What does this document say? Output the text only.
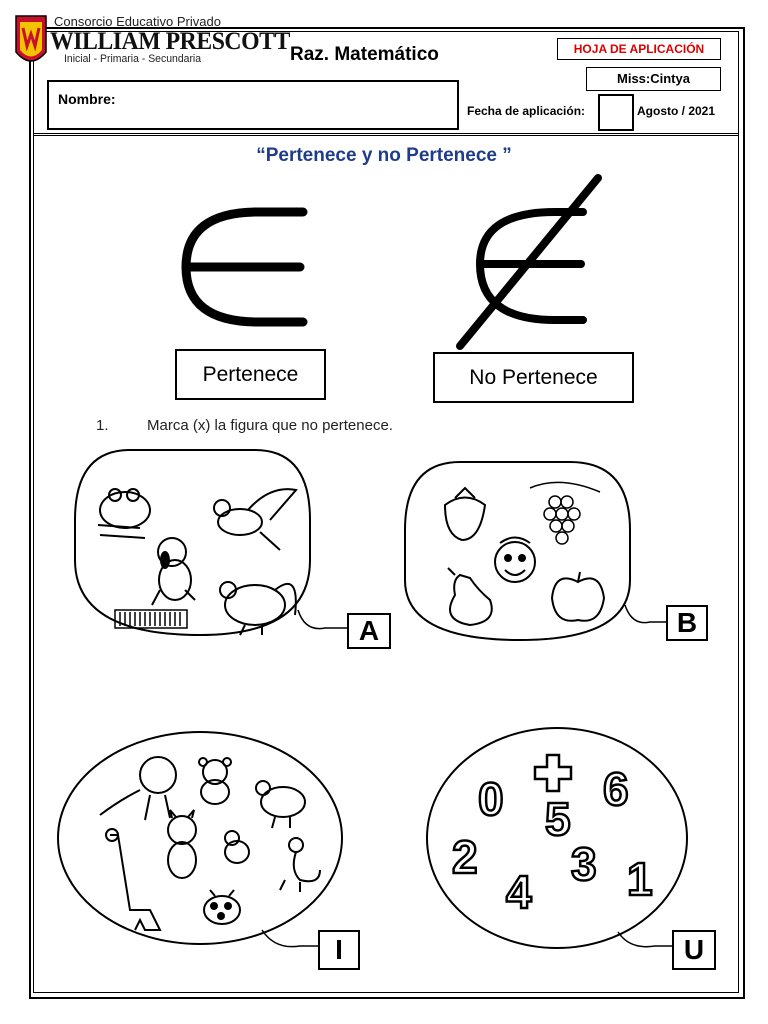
Consorcio Educativo Privado
WILLIAM PRESCOTT
Inicial - Primaria - Secundaria	Raz. Matemático	HOJA DE APLICACIÓN
Miss:Cintya
Nombre:
Fecha de aplicación:	Agosto / 2021
“Pertenece y no Pertenece ”
Pertenece	No Pertenece
1.	Marca (x) la figura que no pertenece.
0 5
6
2
4
3 1
A	B
I	U
